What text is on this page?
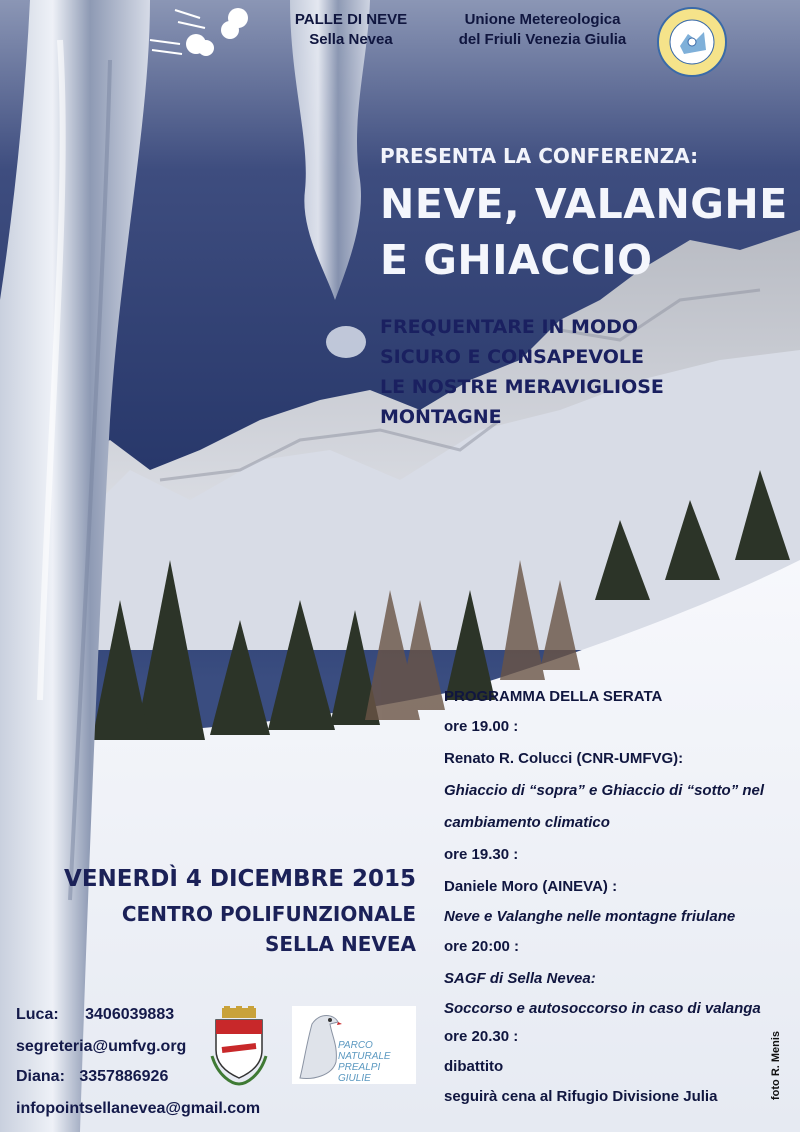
PALLE DI NEVE
Sella Nevea
Unione Metereologica
del Friuli Venezia Giulia
PRESENTA LA CONFERENZA:
NEVE, VALANGHE
E GHIACCIO
FREQUENTARE IN MODO
SICURO E CONSAPEVOLE
LE NOSTRE MERAVIGLIOSE
MONTAGNE
PROGRAMMA DELLA SERATA
ore 19.00 :
Renato R. Colucci (CNR-UMFVG):
Ghiaccio di “sopra” e Ghiaccio di “sotto” nel
cambiamento climatico
ore 19.30 :
Daniele Moro (AINEVA) :
Neve e Valanghe nelle montagne friulane
ore 20:00 :
SAGF di Sella Nevea:
Soccorso e autosoccorso in caso di valanga
ore 20.30 :
dibattito
seguirà cena al Rifugio Divisione Julia
VENERDÌ 4 DICEMBRE 2015
CENTRO POLIFUNZIONALE
SELLA NEVEA
Luca: 3406039883
segreteria@umfvg.org
Diana: 3357886926
infopointsellanevea@gmail.com
PARCO
NATURALE
PREALPI
GIULIE	foto R. Menis
